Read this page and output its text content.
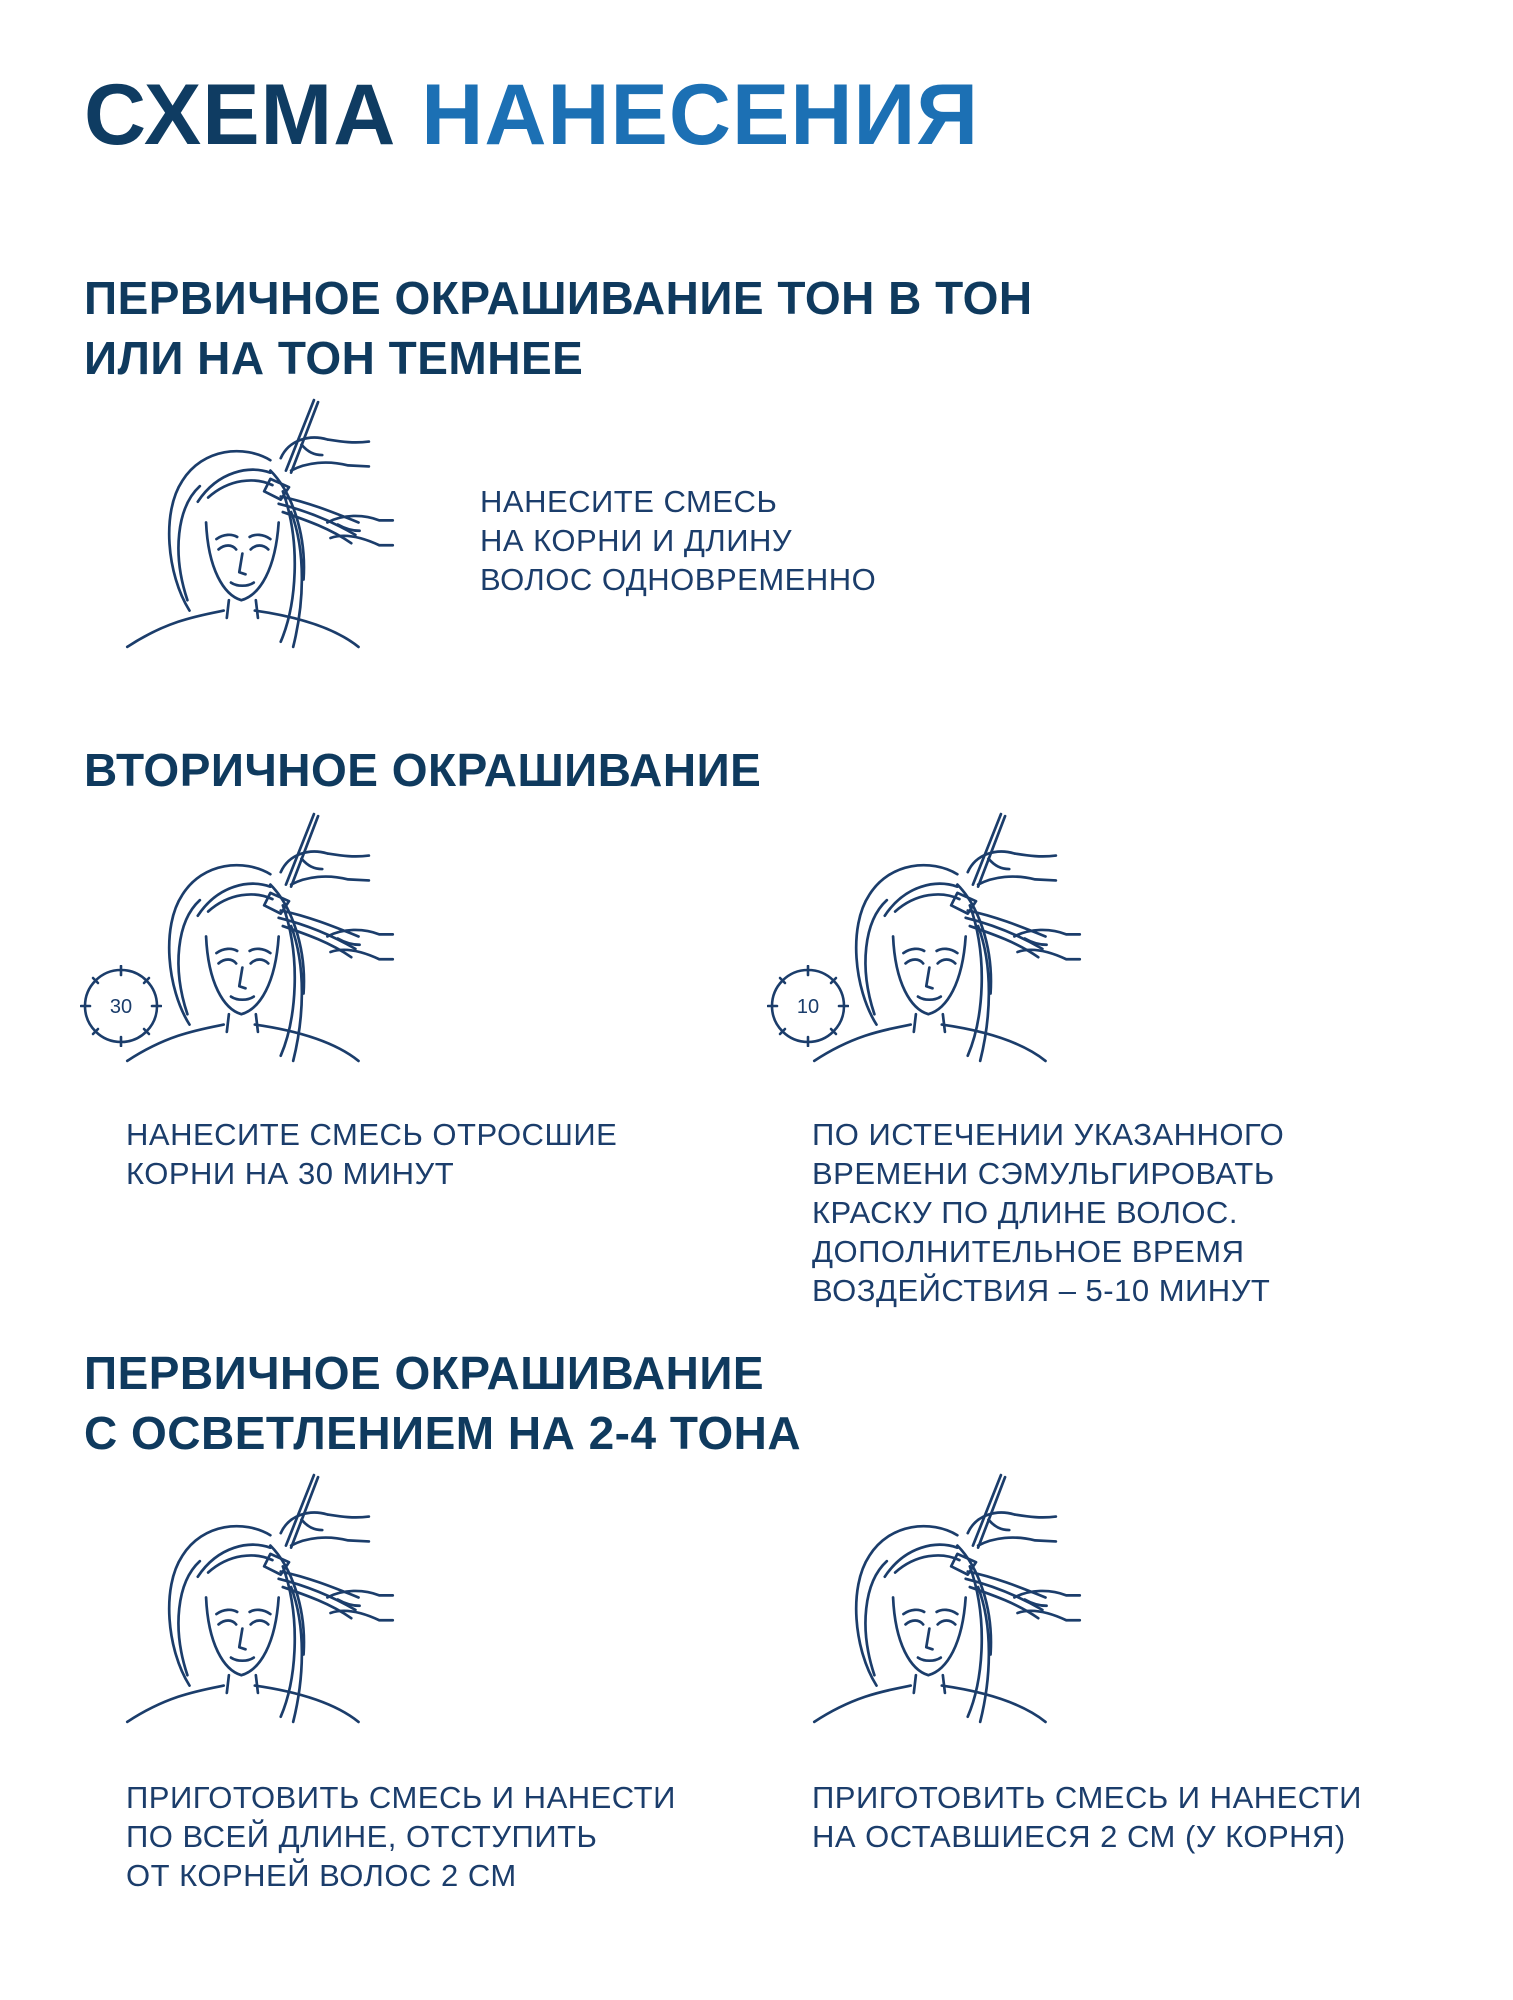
СХЕМА НАНЕСЕНИЯ
ПЕРВИЧНОЕ ОКРАШИВАНИЕ ТОН В ТОН
ИЛИ НА ТОН ТЕМНЕЕ

НАНЕСИТЕ СМЕСЬ
НА КОРНИ И ДЛИНУ
ВОЛОС ОДНОВРЕМЕННО

ВТОРИЧНОЕ ОКРАШИВАНИЕ
30

НАНЕСИТЕ СМЕСЬ ОТРОСШИЕ
КОРНИ НА 30 МИНУТ

10

ПО ИСТЕЧЕНИИ УКАЗАННОГО
ВРЕМЕНИ СЭМУЛЬГИРОВАТЬ
КРАСКУ ПО ДЛИНЕ ВОЛОС.
ДОПОЛНИТЕЛЬНОЕ ВРЕМЯ
ВОЗДЕЙСТВИЯ – 5-10 МИНУТ

ПЕРВИЧНОЕ ОКРАШИВАНИЕ
С ОСВЕТЛЕНИЕМ НА 2-4 ТОНА

ПРИГОТОВИТЬ СМЕСЬ И НАНЕСТИ
ПО ВСЕЙ ДЛИНЕ, ОТСТУПИТЬ
ОТ КОРНЕЙ ВОЛОС 2 СМ

ПРИГОТОВИТЬ СМЕСЬ И НАНЕСТИ
НА ОСТАВШИЕСЯ 2 СМ (У КОРНЯ)
